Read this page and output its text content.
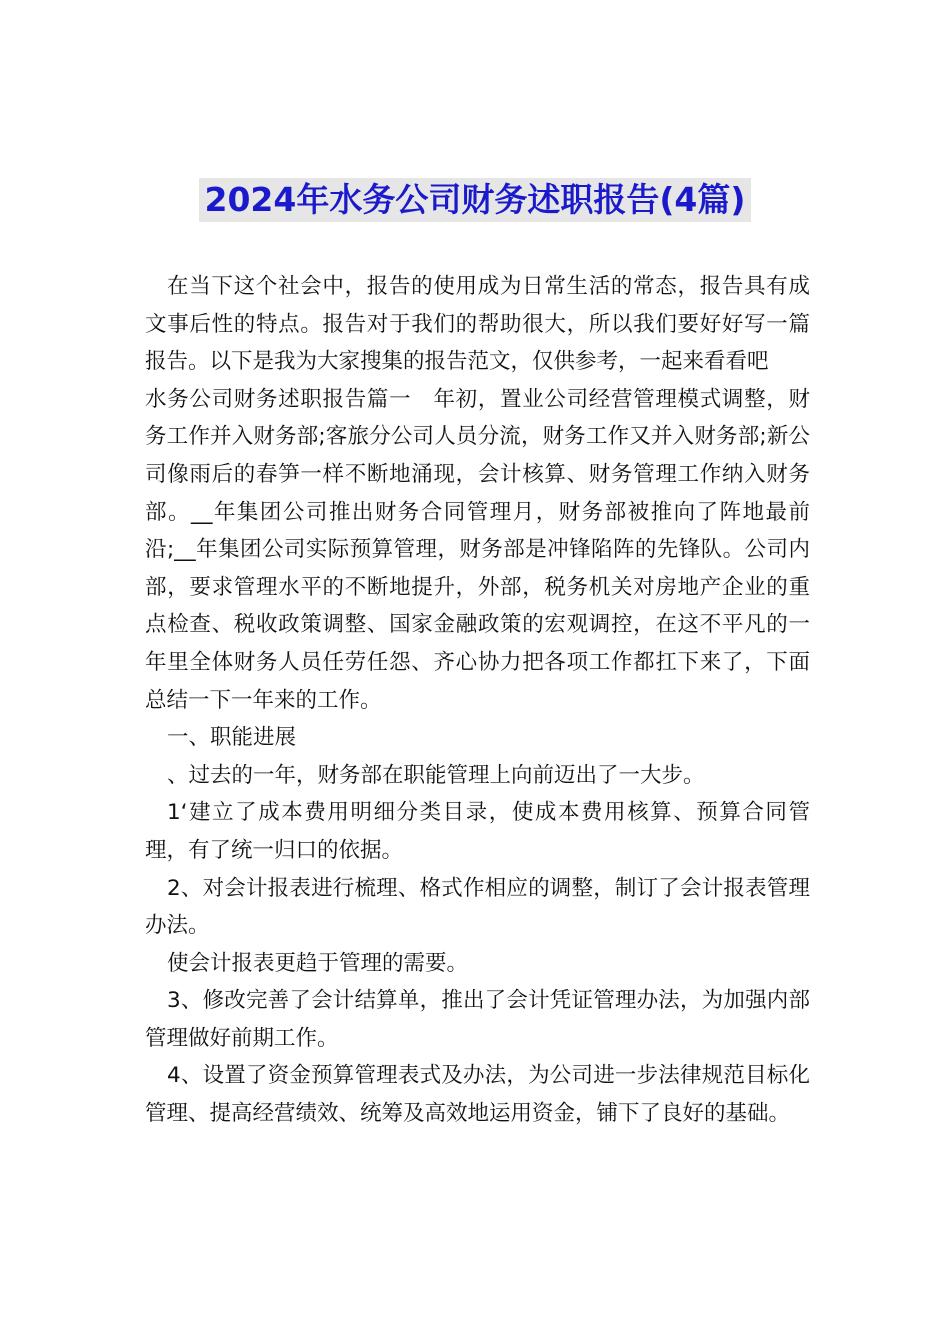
2024年水务公司财务述职报告(4篇)

在当下这个社会中，报告的使用成为日常生活的常态，报告具有成文事后性的特点。报告对于我们的帮助很大，所以我们要好好写一篇报告。以下是我为大家搜集的报告范文，仅供参考，一起来看看吧

水务公司财务述职报告篇一　年初，置业公司经营管理模式调整，财务工作并入财务部;客旅分公司人员分流，财务工作又并入财务部;新公司像雨后的春笋一样不断地涌现，会计核算、财务管理工作纳入财务部。__年集团公司推出财务合同管理月，财务部被推向了阵地最前沿;__年集团公司实际预算管理，财务部是冲锋陷阵的先锋队。公司内部，要求管理水平的不断地提升，外部，税务机关对房地产企业的重点检查、税收政策调整、国家金融政策的宏观调控，在这不平凡的一年里全体财务人员任劳任怨、齐心协力把各项工作都扛下来了，下面总结一下一年来的工作。

一、职能进展

、过去的一年，财务部在职能管理上向前迈出了一大步。

1‘建立了成本费用明细分类目录，使成本费用核算、预算合同管理，有了统一归口的依据。

2、对会计报表进行梳理、格式作相应的调整，制订了会计报表管理办法。

使会计报表更趋于管理的需要。

3、修改完善了会计结算单，推出了会计凭证管理办法，为加强内部管理做好前期工作。

4、设置了资金预算管理表式及办法，为公司进一步法律规范目标化管理、提高经营绩效、统筹及高效地运用资金，铺下了良好的基础。
